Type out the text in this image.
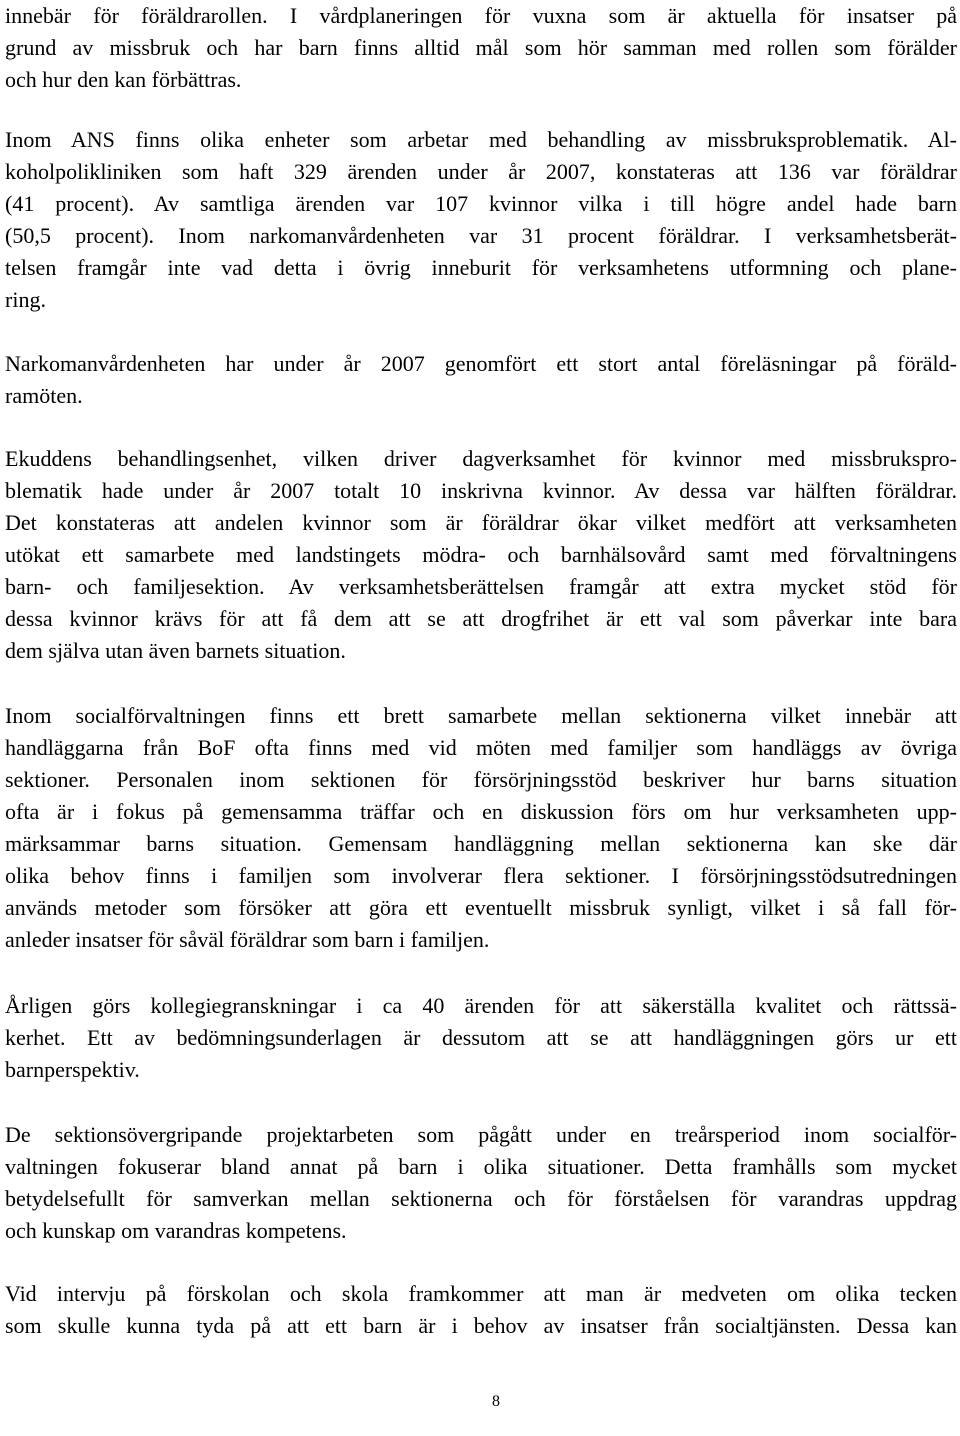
innebär för föräldrarollen. I vårdplaneringen för vuxna som är aktuella för insatser på
grund av missbruk och har barn finns alltid mål som hör samman med rollen som förälder
och hur den kan förbättras.

Inom ANS finns olika enheter som arbetar med behandling av missbruksproblematik. Al-
koholpolikliniken som haft 329 ärenden under år 2007, konstateras att 136 var föräldrar
(41 procent). Av samtliga ärenden var 107 kvinnor vilka i till högre andel hade barn
(50,5 procent). Inom narkomanvårdenheten var 31 procent föräldrar. I verksamhetsberät-
telsen framgår inte vad detta i övrig inneburit för verksamhetens utformning och plane-
ring.

Narkomanvårdenheten har under år 2007 genomfört ett stort antal föreläsningar på föräld-
ramöten.

Ekuddens behandlingsenhet, vilken driver dagverksamhet för kvinnor med missbrukspro-
blematik hade under år 2007 totalt 10 inskrivna kvinnor. Av dessa var hälften föräldrar.
Det konstateras att andelen kvinnor som är föräldrar ökar vilket medfört att verksamheten
utökat ett samarbete med landstingets mödra- och barnhälsovård samt med förvaltningens
barn- och familjesektion. Av verksamhetsberättelsen framgår att extra mycket stöd för
dessa kvinnor krävs för att få dem att se att drogfrihet är ett val som påverkar inte bara
dem själva utan även barnets situation.

Inom socialförvaltningen finns ett brett samarbete mellan sektionerna vilket innebär att
handläggarna från BoF ofta finns med vid möten med familjer som handläggs av övriga
sektioner. Personalen inom sektionen för försörjningsstöd beskriver hur barns situation
ofta är i fokus på gemensamma träffar och en diskussion förs om hur verksamheten upp-
märksammar barns situation. Gemensam handläggning mellan sektionerna kan ske där
olika behov finns i familjen som involverar flera sektioner. I försörjningsstödsutredningen
används metoder som försöker att göra ett eventuellt missbruk synligt, vilket i så fall för-
anleder insatser för såväl föräldrar som barn i familjen.

Årligen görs kollegiegranskningar i ca 40 ärenden för att säkerställa kvalitet och rättssä-
kerhet. Ett av bedömningsunderlagen är dessutom att se att handläggningen görs ur ett
barnperspektiv.

De sektionsövergripande projektarbeten som pågått under en treårsperiod inom socialför-
valtningen fokuserar bland annat på barn i olika situationer. Detta framhålls som mycket
betydelsefullt för samverkan mellan sektionerna och för förståelsen för varandras uppdrag
och kunskap om varandras kompetens.

Vid intervju på förskolan och skola framkommer att man är medveten om olika tecken
som skulle kunna tyda på att ett barn är i behov av insatser från socialtjänsten. Dessa kan

8
